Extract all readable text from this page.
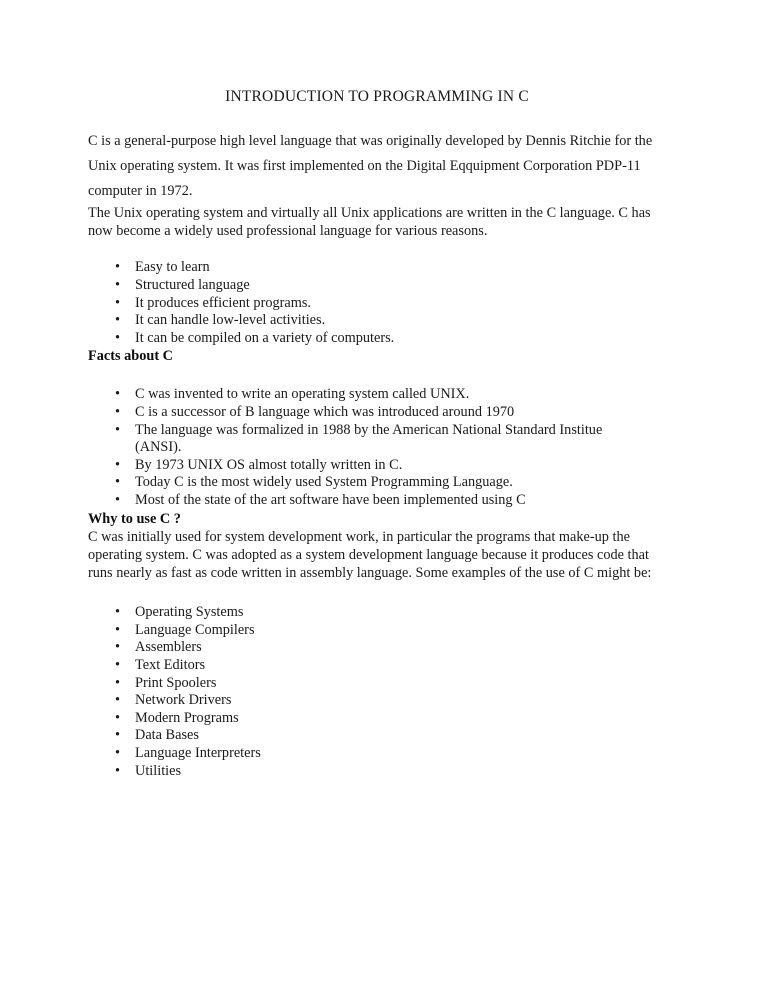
INTRODUCTION TO PROGRAMMING IN C

C is a general-purpose high level language that was originally developed by Dennis Ritchie for the Unix operating system. It was first implemented on the Digital Eqquipment Corporation PDP-11 computer in 1972.

The Unix operating system and virtually all Unix applications are written in the C language. C has now become a widely used professional language for various reasons.

• Easy to learn
• Structured language
• It produces efficient programs.
• It can handle low-level activities.
• It can be compiled on a variety of computers.
Facts about C
• C was invented to write an operating system called UNIX.
• C is a successor of B language which was introduced around 1970
• The language was formalized in 1988 by the American National Standard Institue
(ANSI).
• By 1973 UNIX OS almost totally written in C.
• Today C is the most widely used System Programming Language.
• Most of the state of the art software have been implemented using C
Why to use C ?

C was initially used for system development work, in particular the programs that make-up the operating system. C was adopted as a system development language because it produces code that runs nearly as fast as code written in assembly language. Some examples of the use of C might be:

• Operating Systems
• Language Compilers
• Assemblers
• Text Editors
• Print Spoolers
• Network Drivers
• Modern Programs
• Data Bases
• Language Interpreters
• Utilities
